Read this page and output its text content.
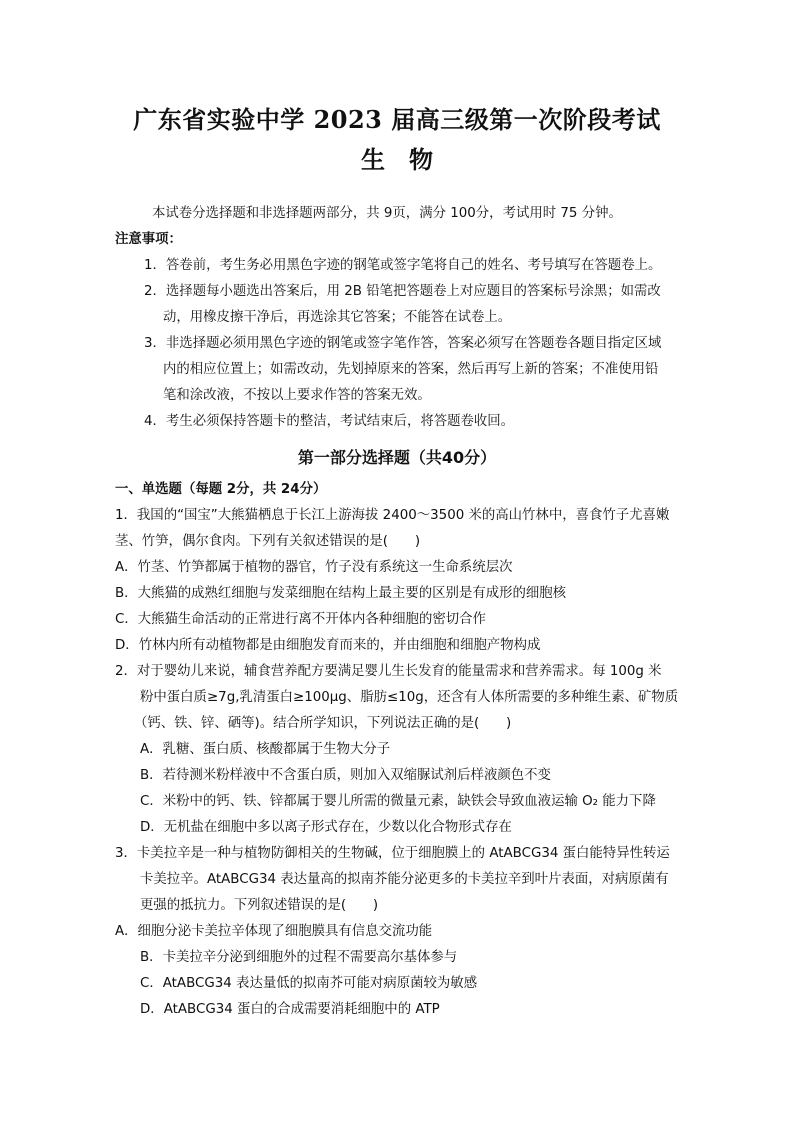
广东省实验中学 2023 届高三级第一次阶段考试
生　物
本试卷分选择题和非选择题两部分，共 9页，满分 100分，考试用时 75 分钟。
注意事项：
1．答卷前，考生务必用黑色字迹的钢笔或签字笔将自己的姓名、考号填写在答题卷上。
2．选择题每小题选出答案后，用 2B 铅笔把答题卷上对应题目的答案标号涂黑；如需改
动，用橡皮擦干净后，再选涂其它答案；不能答在试卷上。
3．非选择题必须用黑色字迹的钢笔或签字笔作答，答案必须写在答题卷各题目指定区域
内的相应位置上；如需改动，先划掉原来的答案，然后再写上新的答案；不准使用铅
笔和涂改液，不按以上要求作答的答案无效。
4．考生必须保持答题卡的整洁，考试结束后，将答题卷收回。
第一部分选择题（共40分）
一、单选题（每题 2分，共 24分）
1．我国的“国宝”大熊猫栖息于长江上游海拔 2400～3500 米的高山竹林中，喜食竹子尤喜嫩
茎、竹笋，偶尔食肉。下列有关叙述错误的是(　　)
A．竹茎、竹笋都属于植物的器官，竹子没有系统这一生命系统层次
B．大熊猫的成熟红细胞与发菜细胞在结构上最主要的区别是有成形的细胞核
C．大熊猫生命活动的正常进行离不开体内各种细胞的密切合作
D．竹林内所有动植物都是由细胞发育而来的，并由细胞和细胞产物构成
2．对于婴幼儿来说，辅食营养配方要满足婴儿生长发育的能量需求和营养需求。每 100g 米
粉中蛋白质≥7g,乳清蛋白≥100μg、脂肪≤10g，还含有人体所需要的多种维生素、矿物质
（钙、铁、锌、硒等)。结合所学知识，下列说法正确的是(　　)
A．乳糖、蛋白质、核酸都属于生物大分子
B．若待测米粉样液中不含蛋白质，则加入双缩脲试剂后样液颜色不变
C．米粉中的钙、铁、锌都属于婴儿所需的微量元素，缺铁会导致血液运输 O₂ 能力下降
D．无机盐在细胞中多以离子形式存在，少数以化合物形式存在
3．卡美拉辛是一种与植物防御相关的生物碱，位于细胞膜上的 AtABCG34 蛋白能特异性转运
卡美拉辛。AtABCG34 表达量高的拟南芥能分泌更多的卡美拉辛到叶片表面，对病原菌有
更强的抵抗力。下列叙述错误的是(　　)
A．细胞分泌卡美拉辛体现了细胞膜具有信息交流功能
B．卡美拉辛分泌到细胞外的过程不需要高尔基体参与
C．AtABCG34 表达量低的拟南芥可能对病原菌较为敏感
D．AtABCG34 蛋白的合成需要消耗细胞中的 ATP
